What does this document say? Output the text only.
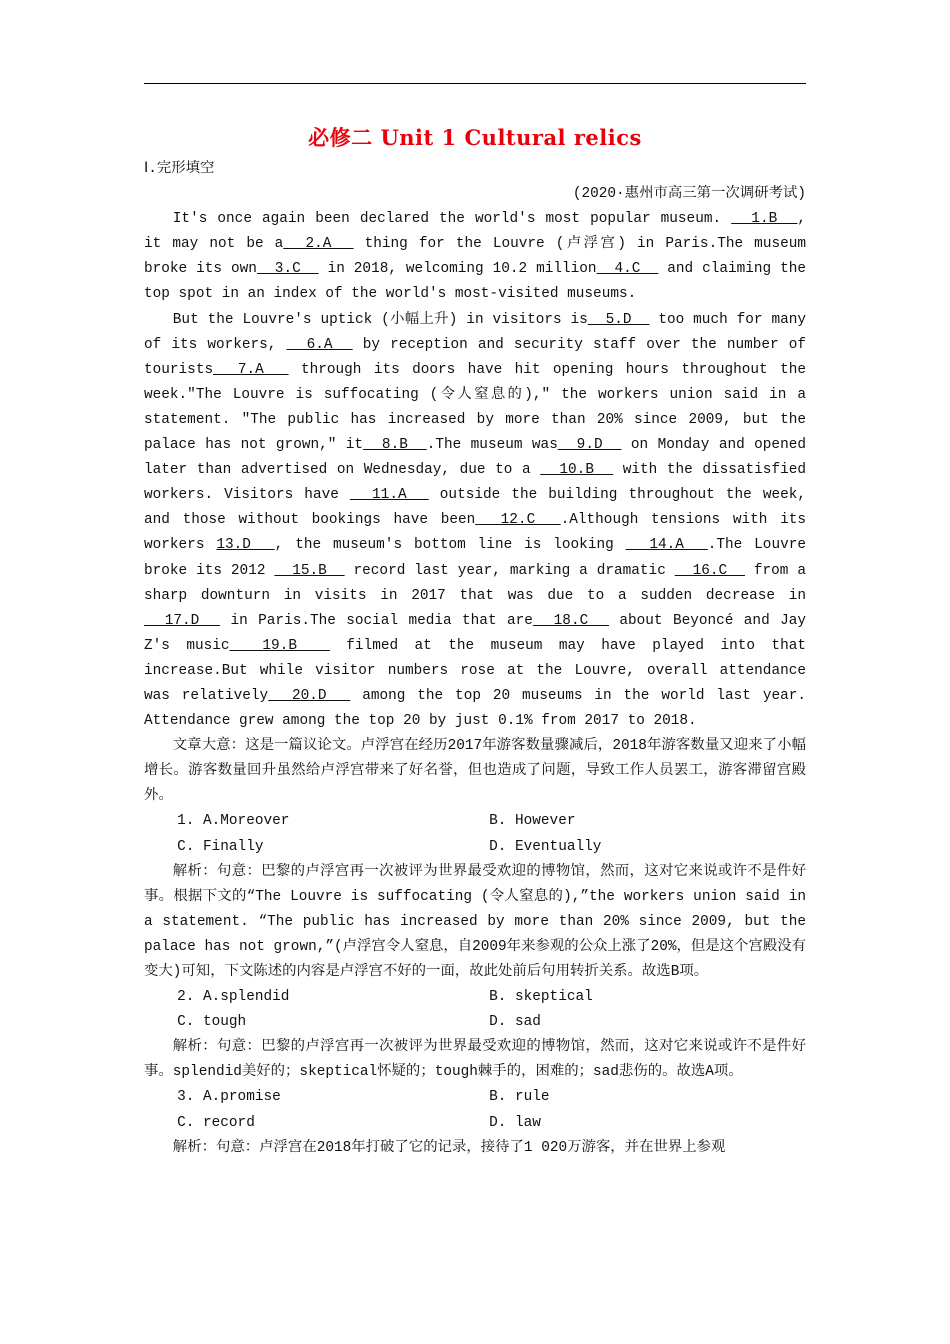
必修二 Unit 1 Cultural relics
Ⅰ.完形填空
(2020·惠州市高三第一次调研考试)

It's once again been declared the world's most popular museum.   1.B  , it may not be a  2.A   thing for the Louvre (卢浮宫) in Paris.The museum broke its own  3.C   in 2018, welcoming 10.2 million  4.C   and claiming the top spot in an index of the world's most-visited museums.

But the Louvre's uptick (小幅上升) in visitors is  5.D   too much for many of its workers,   6.A   by reception and security staff over the number of tourists  7.A   through its doors have hit opening hours throughout the week."The Louvre is suffocating (令人窒息的)," the workers union said in a statement. "The public has increased by more than 20% since 2009, but the palace has not grown," it  8.B  .The museum was  9.D   on Monday and opened later than advertised on Wednesday, due to a   10.B   with the dissatisfied workers. Visitors have   11.A   outside the building throughout the week, and those without bookings have been  12.C  .Although tensions with its workers 13.D  , the museum's bottom line is looking   14.A  .The Louvre broke its 2012   15.B   record last year, marking a dramatic   16.C   from a sharp downturn in visits in 2017 that was due to a sudden decrease in  17.D   in Paris.The social media that are  18.C   about Beyoncé and Jay Z's music  19.B   filmed at the museum may have played into that increase.But while visitor numbers rose at the Louvre, overall attendance was relatively  20.D   among the top 20 museums in the world last year. Attendance grew among the top 20 by just 0.1% from 2017 to 2018.

文章大意：这是一篇议论文。卢浮宫在经历2017年游客数量骤减后，2018年游客数量又迎来了小幅增长。游客数量回升虽然给卢浮宫带来了好名誉，但也造成了问题，导致工作人员罢工，游客滞留宫殿外。

1. A.Moreover	B. However
C. Finally	D. Eventually

解析：句意：巴黎的卢浮宫再一次被评为世界最受欢迎的博物馆，然而，这对它来说或许不是件好事。根据下文的“The Louvre is suffocating (令人窒息的),”the workers union said in a statement. “The public has increased by more than 20% since 2009, but the palace has not grown,”(卢浮宫令人窒息，自2009年来参观的公众上涨了20%，但是这个宫殿没有变大)可知，下文陈述的内容是卢浮宫不好的一面，故此处前后句用转折关系。故选B项。

2. A.splendid	B. skeptical
C. tough	D. sad

解析：句意：巴黎的卢浮宫再一次被评为世界最受欢迎的博物馆，然而，这对它来说或许不是件好事。splendid美好的；skeptical怀疑的；tough棘手的，困难的；sad悲伤的。故选A项。

3. A.promise	B. rule
C. record	D. law

解析：句意：卢浮宫在2018年打破了它的记录，接待了1 020万游客，并在世界上参观
